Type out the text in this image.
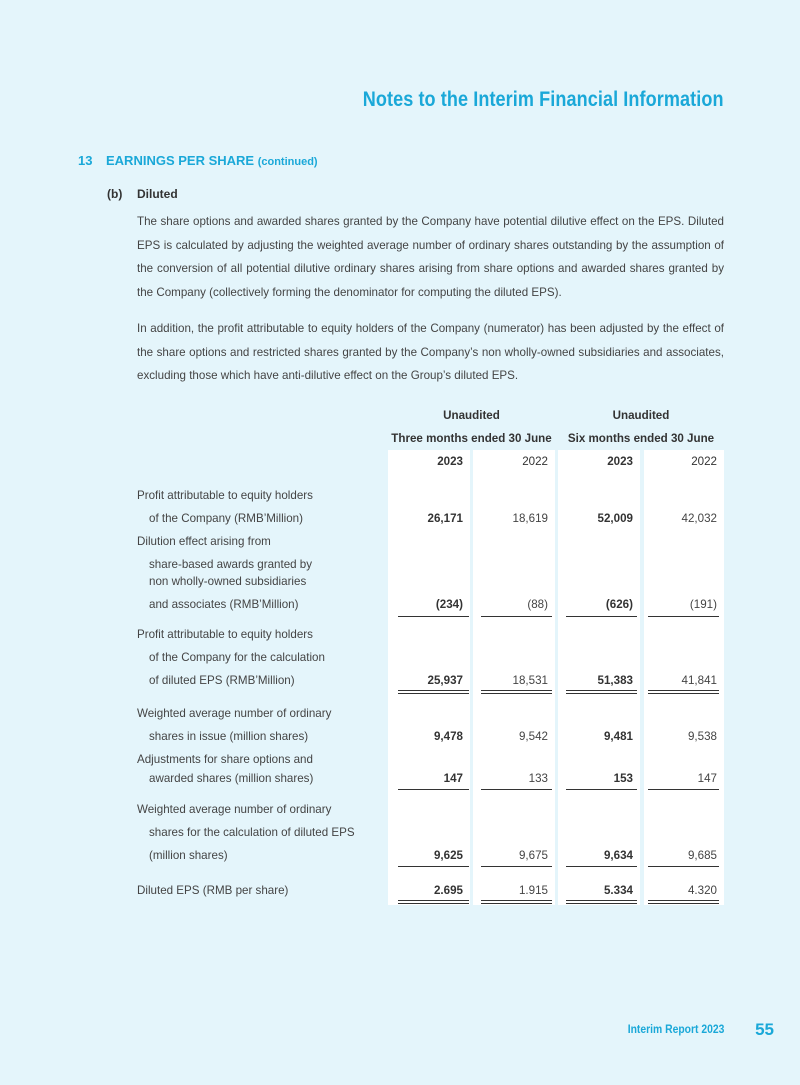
Notes to the Interim Financial Information
13 EARNINGS PER SHARE (continued)
(b) Diluted
The share options and awarded shares granted by the Company have potential dilutive effect on the EPS. Diluted EPS is calculated by adjusting the weighted average number of ordinary shares outstanding by the assumption of the conversion of all potential dilutive ordinary shares arising from share options and awarded shares granted by the Company (collectively forming the denominator for computing the diluted EPS).
In addition, the profit attributable to equity holders of the Company (numerator) has been adjusted by the effect of the share options and restricted shares granted by the Company’s non wholly-owned subsidiaries and associates, excluding those which have anti-dilutive effect on the Group’s diluted EPS.
Unaudited
Three months ended 30 June
Unaudited
Six months ended 30 June
2023	2022	2023	2022
Profit attributable to equity holders
of the Company (RMB’Million)	26,171	18,619	52,009	42,032
Dilution effect arising from
share-based awards granted by
non wholly-owned subsidiaries
and associates (RMB’Million)	(234)	(88)	(626)	(191)
Profit attributable to equity holders
of the Company for the calculation
of diluted EPS (RMB’Million)	25,937	18,531	51,383	41,841
Weighted average number of ordinary
shares in issue (million shares)	9,478	9,542	9,481	9,538
Adjustments for share options and
awarded shares (million shares)	147	133	153	147
Weighted average number of ordinary
shares for the calculation of diluted EPS
(million shares)	9,625	9,675	9,634	9,685
Diluted EPS (RMB per share)	2.695	1.915	5.334	4.320
Interim Report 2023 55
